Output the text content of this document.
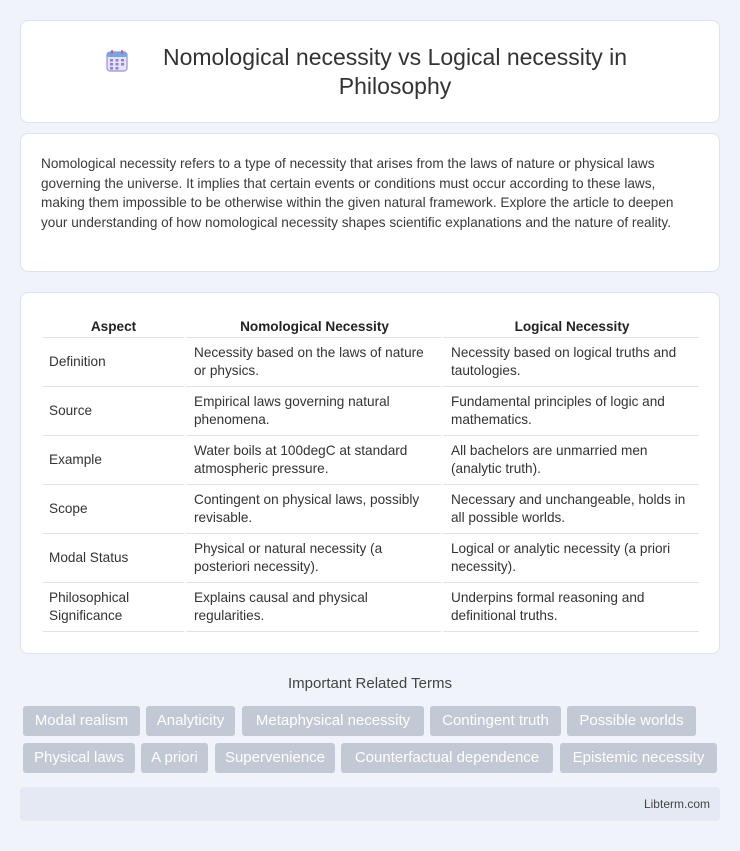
Nomological necessity vs Logical necessity in Philosophy

Nomological necessity refers to a type of necessity that arises from the laws of nature or physical laws governing the universe. It implies that certain events or conditions must occur according to these laws, making them impossible to be otherwise within the given natural framework. Explore the article to deepen your understanding of how nomological necessity shapes scientific explanations and the nature of reality.

Aspect	Nomological Necessity	Logical Necessity
Definition	Necessity based on the laws of nature or physics.	Necessity based on logical truths and tautologies.
Source	Empirical laws governing natural phenomena.	Fundamental principles of logic and mathematics.
Example	Water boils at 100degC at standard atmospheric pressure.	All bachelors are unmarried men (analytic truth).
Scope	Contingent on physical laws, possibly revisable.	Necessary and unchangeable, holds in all possible worlds.
Modal Status	Physical or natural necessity (a posteriori necessity).	Logical or analytic necessity (a priori necessity).
Philosophical Significance	Explains causal and physical regularities.	Underpins formal reasoning and definitional truths.
Important Related Terms
Modal realism	Analyticity	Metaphysical necessity	Contingent truth	Possible worlds
Physical laws	A priori	Supervenience	Counterfactual dependence	Epistemic necessity
Libterm.com
